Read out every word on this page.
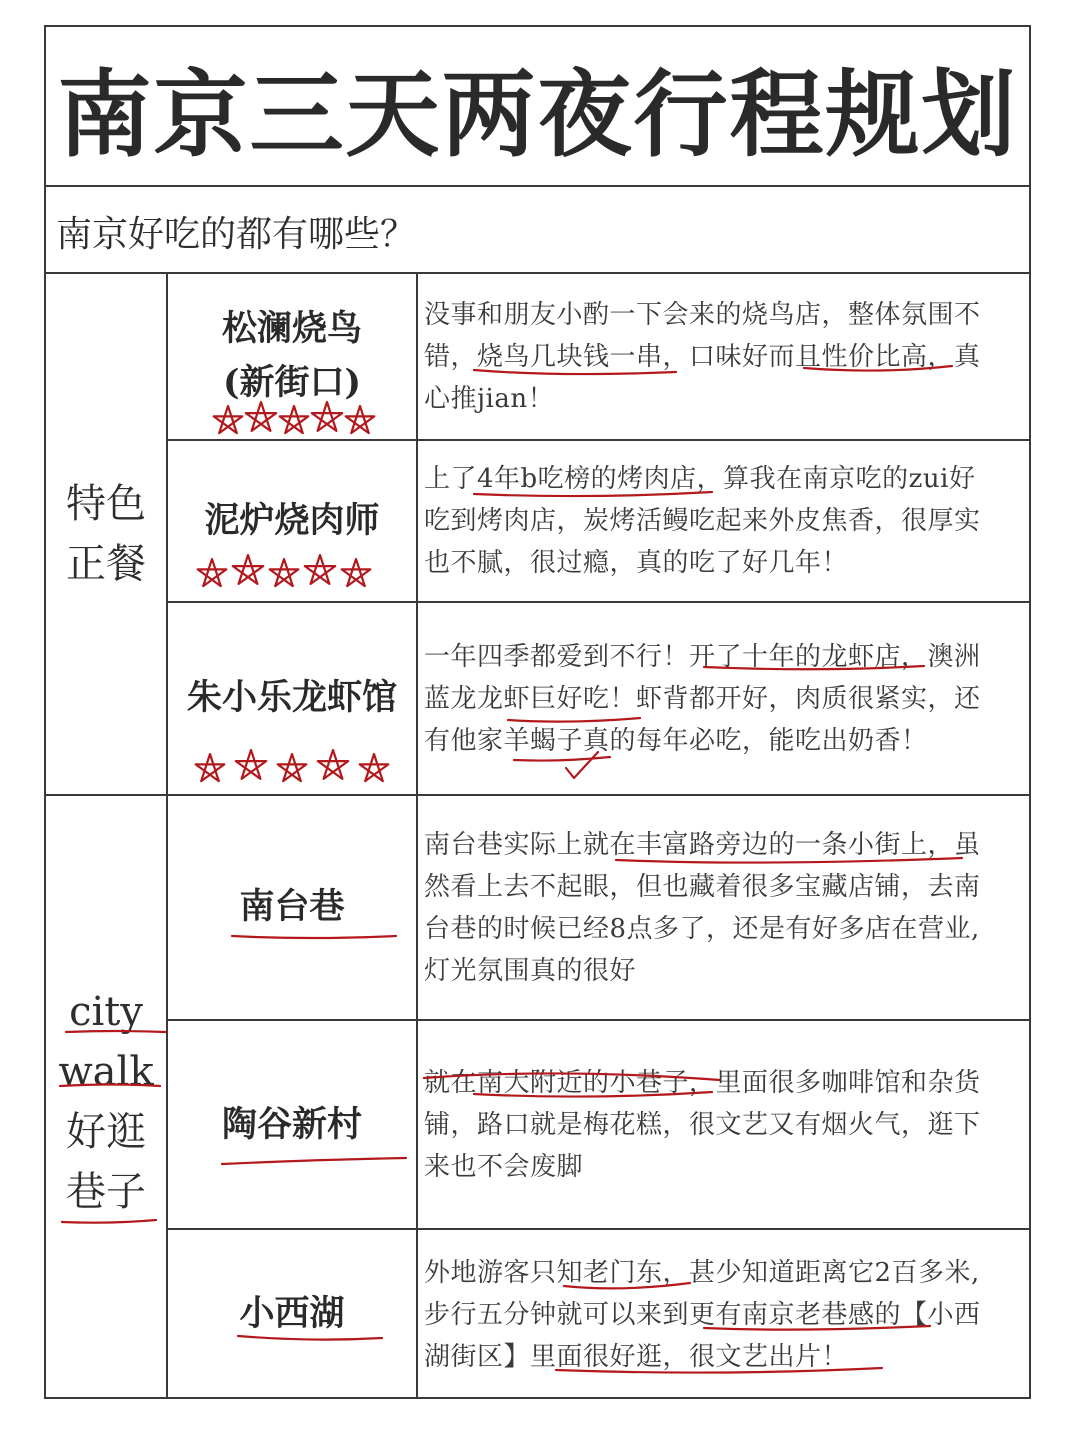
南京三天两夜行程规划
南京好吃的都有哪些？
特色
正餐
city
walk
好逛
巷子
松澜烧鸟
(新街口)
没事和朋友小酌一下会来的烧鸟店，整体氛围不
错，烧鸟几块钱一串，口味好而且性价比高，真
心推jian！
泥炉烧肉师
上了4年b吃榜的烤肉店，算我在南京吃的zui好
吃到烤肉店，炭烤活鳗吃起来外皮焦香，很厚实
也不腻，很过瘾，真的吃了好几年！
朱小乐龙虾馆
一年四季都爱到不行！开了十年的龙虾店，澳洲
蓝龙龙虾巨好吃！虾背都开好，肉质很紧实，还
有他家羊蝎子真的每年必吃，能吃出奶香！
南台巷
南台巷实际上就在丰富路旁边的一条小街上，虽
然看上去不起眼，但也藏着很多宝藏店铺，去南
台巷的时候已经8点多了，还是有好多店在营业,
灯光氛围真的很好
陶谷新村
就在南大附近的小巷子，里面很多咖啡馆和杂货
铺，路口就是梅花糕，很文艺又有烟火气，逛下
来也不会废脚
小西湖
外地游客只知老门东，甚少知道距离它2百多米,
步行五分钟就可以来到更有南京老巷感的【小西
湖街区】里面很好逛，很文艺出片！
